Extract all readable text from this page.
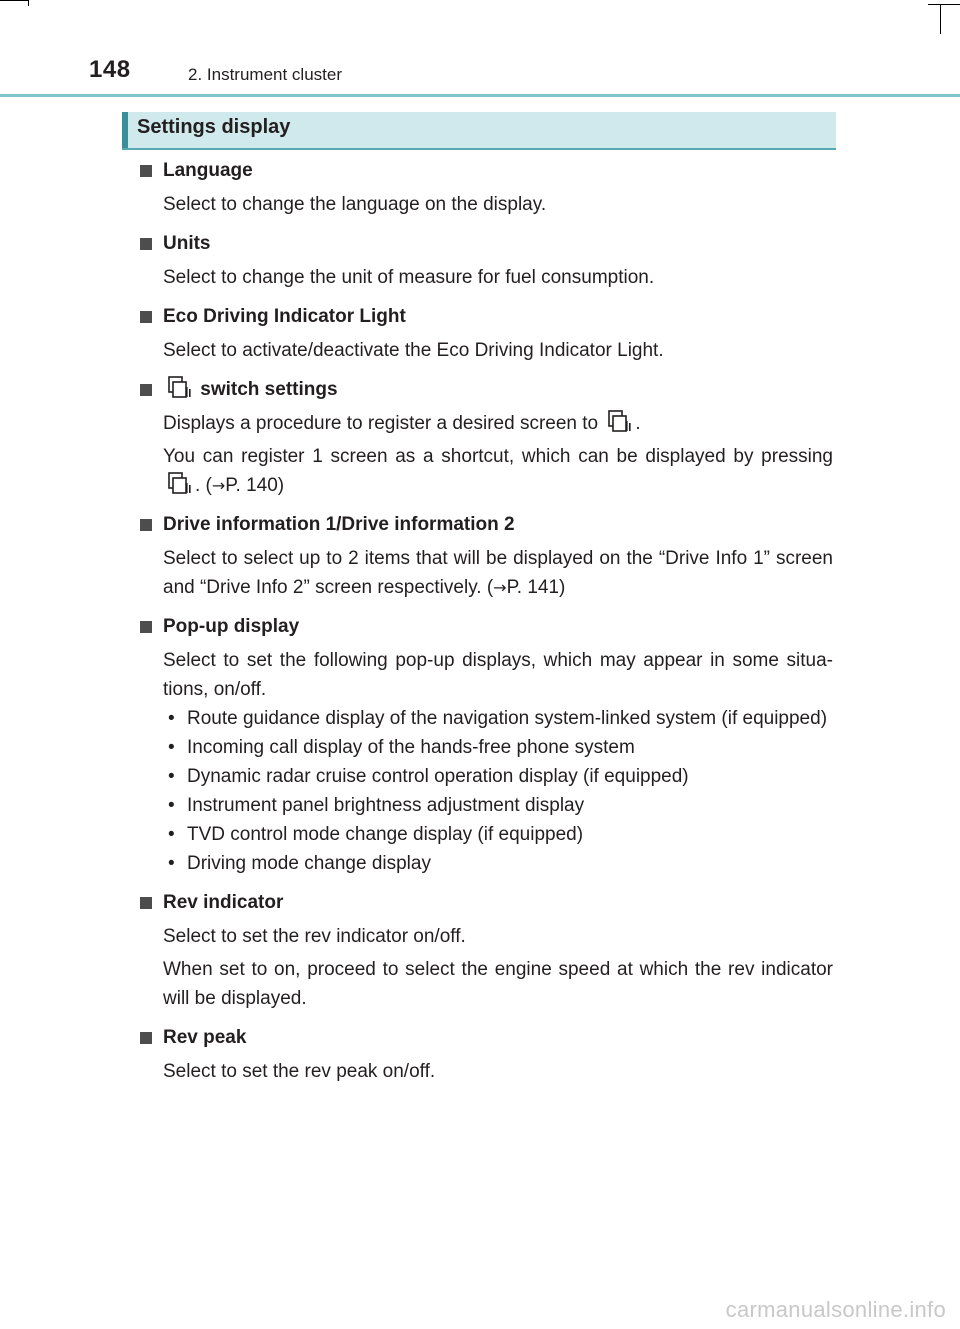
148	2. Instrument cluster
Settings display
Language
Select to change the language on the display.
Units
Select to change the unit of measure for fuel consumption.
Eco Driving Indicator Light
Select to activate/deactivate the Eco Driving Indicator Light.
switch settings
Displays a procedure to register a desired screen to .
You can register 1 screen as a shortcut, which can be displayed by pressing . (→P. 140)
Drive information 1/Drive information 2
Select to select up to 2 items that will be displayed on the “Drive Info 1” screen and “Drive Info 2” screen respectively. (→P. 141)
Pop-up display
Select to set the following pop-up displays, which may appear in some situa-tions, on/off.
• Route guidance display of the navigation system-linked system (if equipped)
• Incoming call display of the hands-free phone system
• Dynamic radar cruise control operation display (if equipped)
• Instrument panel brightness adjustment display
• TVD control mode change display (if equipped)
• Driving mode change display
Rev indicator
Select to set the rev indicator on/off.
When set to on, proceed to select the engine speed at which the rev indicator will be displayed.
Rev peak
Select to set the rev peak on/off.
carmanualsonline.info
